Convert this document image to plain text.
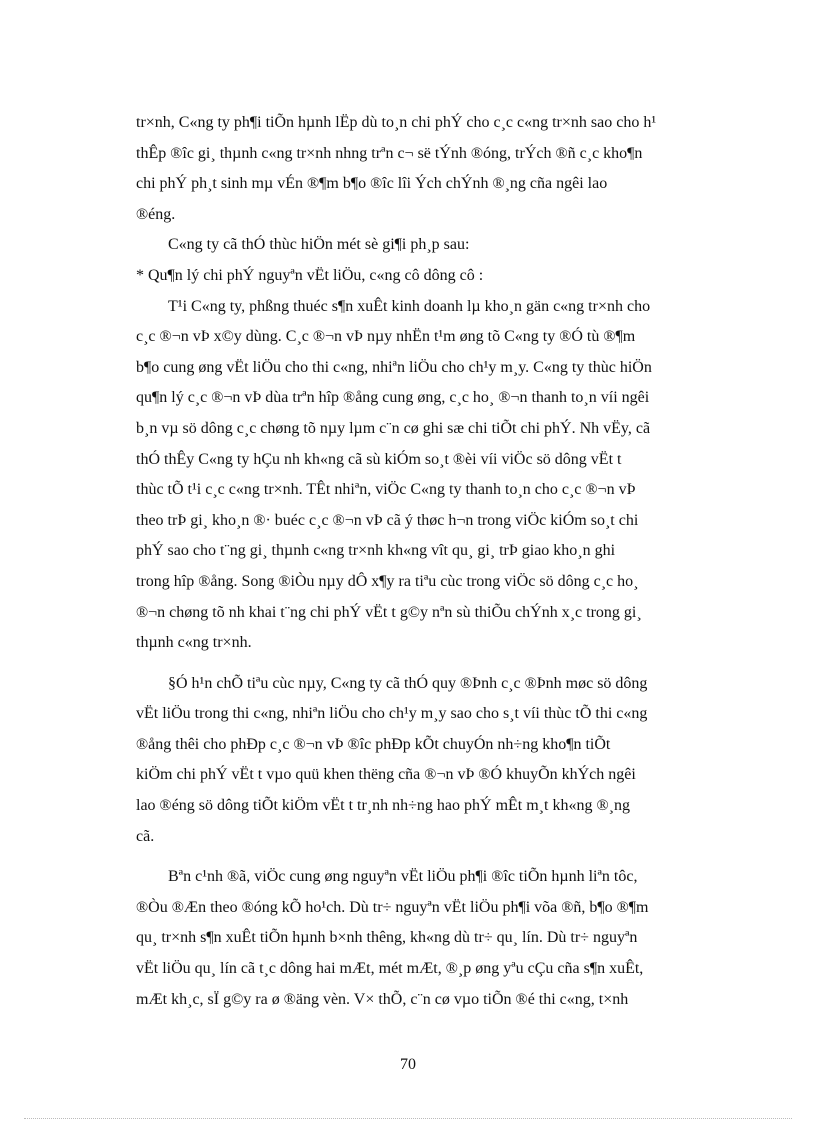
tr×nh, C«ng ty ph¶i tiÕn hµnh lËp dù to¸n chi phÝ cho c¸c c«ng tr×nh sao cho h¹
thÊp ®îc gi¸ thµnh c«ng tr×nh nhng trªn c¬ së tÝnh ®óng, trÝch ®ñ c¸c kho¶n
chi phÝ ph¸t sinh mµ vÉn ®¶m b¶o ®îc lîi Ých chÝnh ®¸ng cña ngêi lao
®éng.

C«ng ty cã thÓ thùc hiÖn mét sè gi¶i ph¸p sau:

* Qu¶n lý chi phÝ nguyªn vËt liÖu, c«ng cô dông cô :

T¹i C«ng ty, phßng thuéc s¶n xuÊt kinh doanh lµ kho¸n gän c«ng tr×nh cho
c¸c ®¬n vÞ x©y dùng. C¸c ®¬n vÞ nµy nhËn t¹m øng tõ C«ng ty ®Ó tù ®¶m
b¶o cung øng vËt liÖu cho thi c«ng, nhiªn liÖu cho ch¹y m¸y. C«ng ty thùc hiÖn
qu¶n lý c¸c ®¬n vÞ dùa trªn hîp ®ång cung øng, c¸c ho¸ ®¬n thanh to¸n víi ngêi
b¸n vµ sö dông c¸c chøng tõ nµy lµm c¨n cø ghi sæ chi tiÕt chi phÝ. Nh vËy, cã
thÓ thÊy C«ng ty hÇu nh kh«ng cã sù kiÓm so¸t ®èi víi viÖc sö dông vËt t
thùc tÕ t¹i c¸c c«ng tr×nh. TÊt nhiªn, viÖc C«ng ty thanh to¸n cho c¸c ®¬n vÞ
theo trÞ gi¸ kho¸n ®· buéc c¸c ®¬n vÞ cã ý thøc h¬n trong viÖc kiÓm so¸t chi
phÝ sao cho t¨ng gi¸ thµnh c«ng tr×nh kh«ng vît qu¸ gi¸ trÞ giao kho¸n ghi
trong hîp ®ång. Song ®iÒu nµy dÔ x¶y ra tiªu cùc trong viÖc sö dông c¸c ho¸
®¬n chøng tõ nh khai t¨ng chi phÝ vËt t g©y nªn sù thiÕu chÝnh x¸c trong gi¸
thµnh c«ng tr×nh.

§Ó h¹n chÕ tiªu cùc nµy, C«ng ty cã thÓ quy ®Þnh c¸c ®Þnh møc sö dông
vËt liÖu trong thi c«ng, nhiªn liÖu cho ch¹y m¸y sao cho s¸t víi thùc tÕ thi c«ng
®ång thêi cho phÐp c¸c ®¬n vÞ ®îc phÐp kÕt chuyÓn nh÷ng kho¶n tiÕt
kiÖm chi phÝ vËt t vµo quü khen thëng cña ®¬n vÞ ®Ó khuyÕn khÝch ngêi
lao ®éng sö dông tiÕt kiÖm vËt t tr¸nh nh÷ng hao phÝ mÊt m¸t kh«ng ®¸ng
cã.

Bªn c¹nh ®ã, viÖc cung øng nguyªn vËt liÖu ph¶i ®îc tiÕn hµnh liªn tôc,
®Òu ®Æn theo ®óng kÕ ho¹ch. Dù tr÷ nguyªn vËt liÖu ph¶i võa ®ñ, b¶o ®¶m
qu¸ tr×nh s¶n xuÊt tiÕn hµnh b×nh thêng, kh«ng dù tr÷ qu¸ lín. Dù tr÷ nguyªn
vËt liÖu qu¸ lín cã t¸c dông hai mÆt, mét mÆt, ®¸p øng yªu cÇu cña s¶n xuÊt,
mÆt kh¸c, sÏ g©y ra ø ®äng vèn. V× thÕ, c¨n cø vµo tiÕn ®é thi c«ng, t×nh

70
